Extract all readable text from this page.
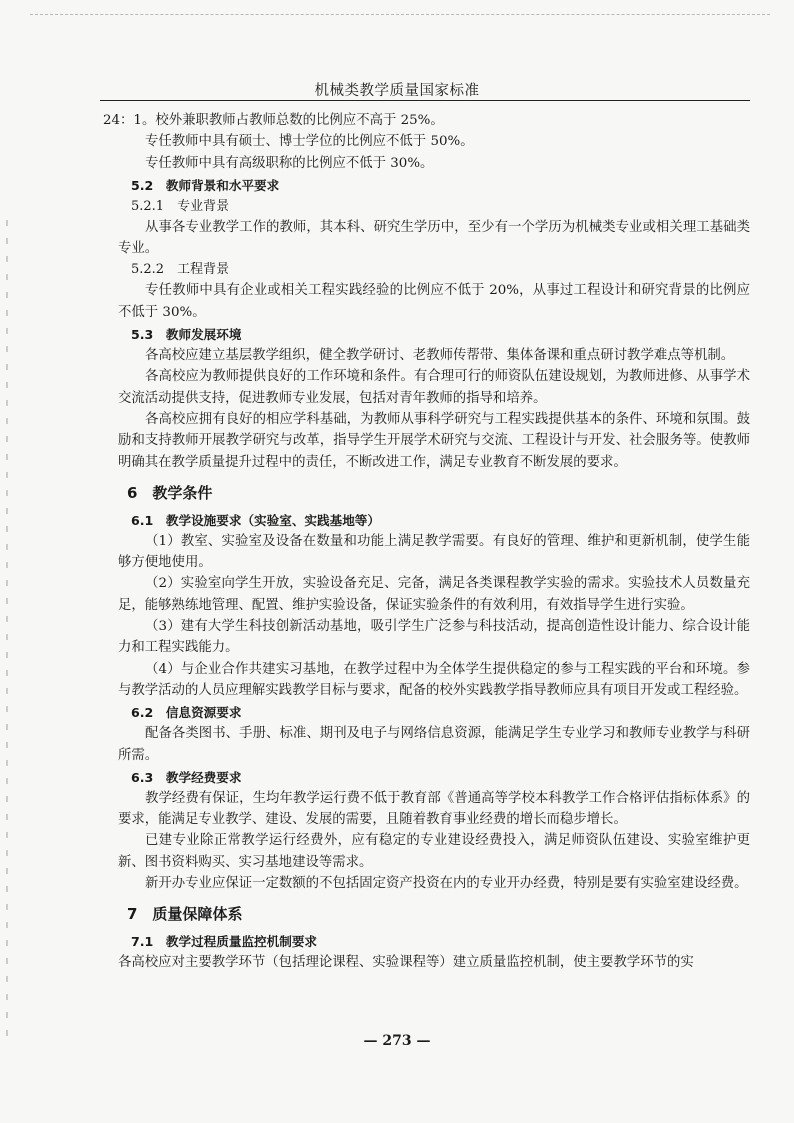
机械类教学质量国家标准

24：1。校外兼职教师占教师总数的比例应不高于 25%。

专任教师中具有硕士、博士学位的比例应不低于 50%。

专任教师中具有高级职称的比例应不低于 30%。

5.2　教师背景和水平要求
5.2.1　专业背景

从事各专业教学工作的教师，其本科、研究生学历中，至少有一个学历为机械类专业或相关理工基础类专业。

5.2.2　工程背景

专任教师中具有企业或相关工程实践经验的比例应不低于 20%，从事过工程设计和研究背景的比例应不低于 30%。

5.3　教师发展环境

各高校应建立基层教学组织，健全教学研讨、老教师传帮带、集体备课和重点研讨教学难点等机制。

各高校应为教师提供良好的工作环境和条件。有合理可行的师资队伍建设规划，为教师进修、从事学术交流活动提供支持，促进教师专业发展，包括对青年教师的指导和培养。

各高校应拥有良好的相应学科基础，为教师从事科学研究与工程实践提供基本的条件、环境和氛围。鼓励和支持教师开展教学研究与改革，指导学生开展学术研究与交流、工程设计与开发、社会服务等。使教师明确其在教学质量提升过程中的责任，不断改进工作，满足专业教育不断发展的要求。

6　教学条件
6.1　教学设施要求（实验室、实践基地等）

（1）教室、实验室及设备在数量和功能上满足教学需要。有良好的管理、维护和更新机制，使学生能够方便地使用。

（2）实验室向学生开放，实验设备充足、完备，满足各类课程教学实验的需求。实验技术人员数量充足，能够熟练地管理、配置、维护实验设备，保证实验条件的有效利用，有效指导学生进行实验。

（3）建有大学生科技创新活动基地，吸引学生广泛参与科技活动，提高创造性设计能力、综合设计能力和工程实践能力。

（4）与企业合作共建实习基地，在教学过程中为全体学生提供稳定的参与工程实践的平台和环境。参与教学活动的人员应理解实践教学目标与要求，配备的校外实践教学指导教师应具有项目开发或工程经验。

6.2　信息资源要求

配备各类图书、手册、标准、期刊及电子与网络信息资源，能满足学生专业学习和教师专业教学与科研所需。

6.3　教学经费要求

教学经费有保证，生均年教学运行费不低于教育部《普通高等学校本科教学工作合格评估指标体系》的要求，能满足专业教学、建设、发展的需要，且随着教育事业经费的增长而稳步增长。

已建专业除正常教学运行经费外，应有稳定的专业建设经费投入，满足师资队伍建设、实验室维护更新、图书资料购买、实习基地建设等需求。

新开办专业应保证一定数额的不包括固定资产投资在内的专业开办经费，特别是要有实验室建设经费。

7　质量保障体系
7.1　教学过程质量监控机制要求

各高校应对主要教学环节（包括理论课程、实验课程等）建立质量监控机制，使主要教学环节的实

— 273 —
